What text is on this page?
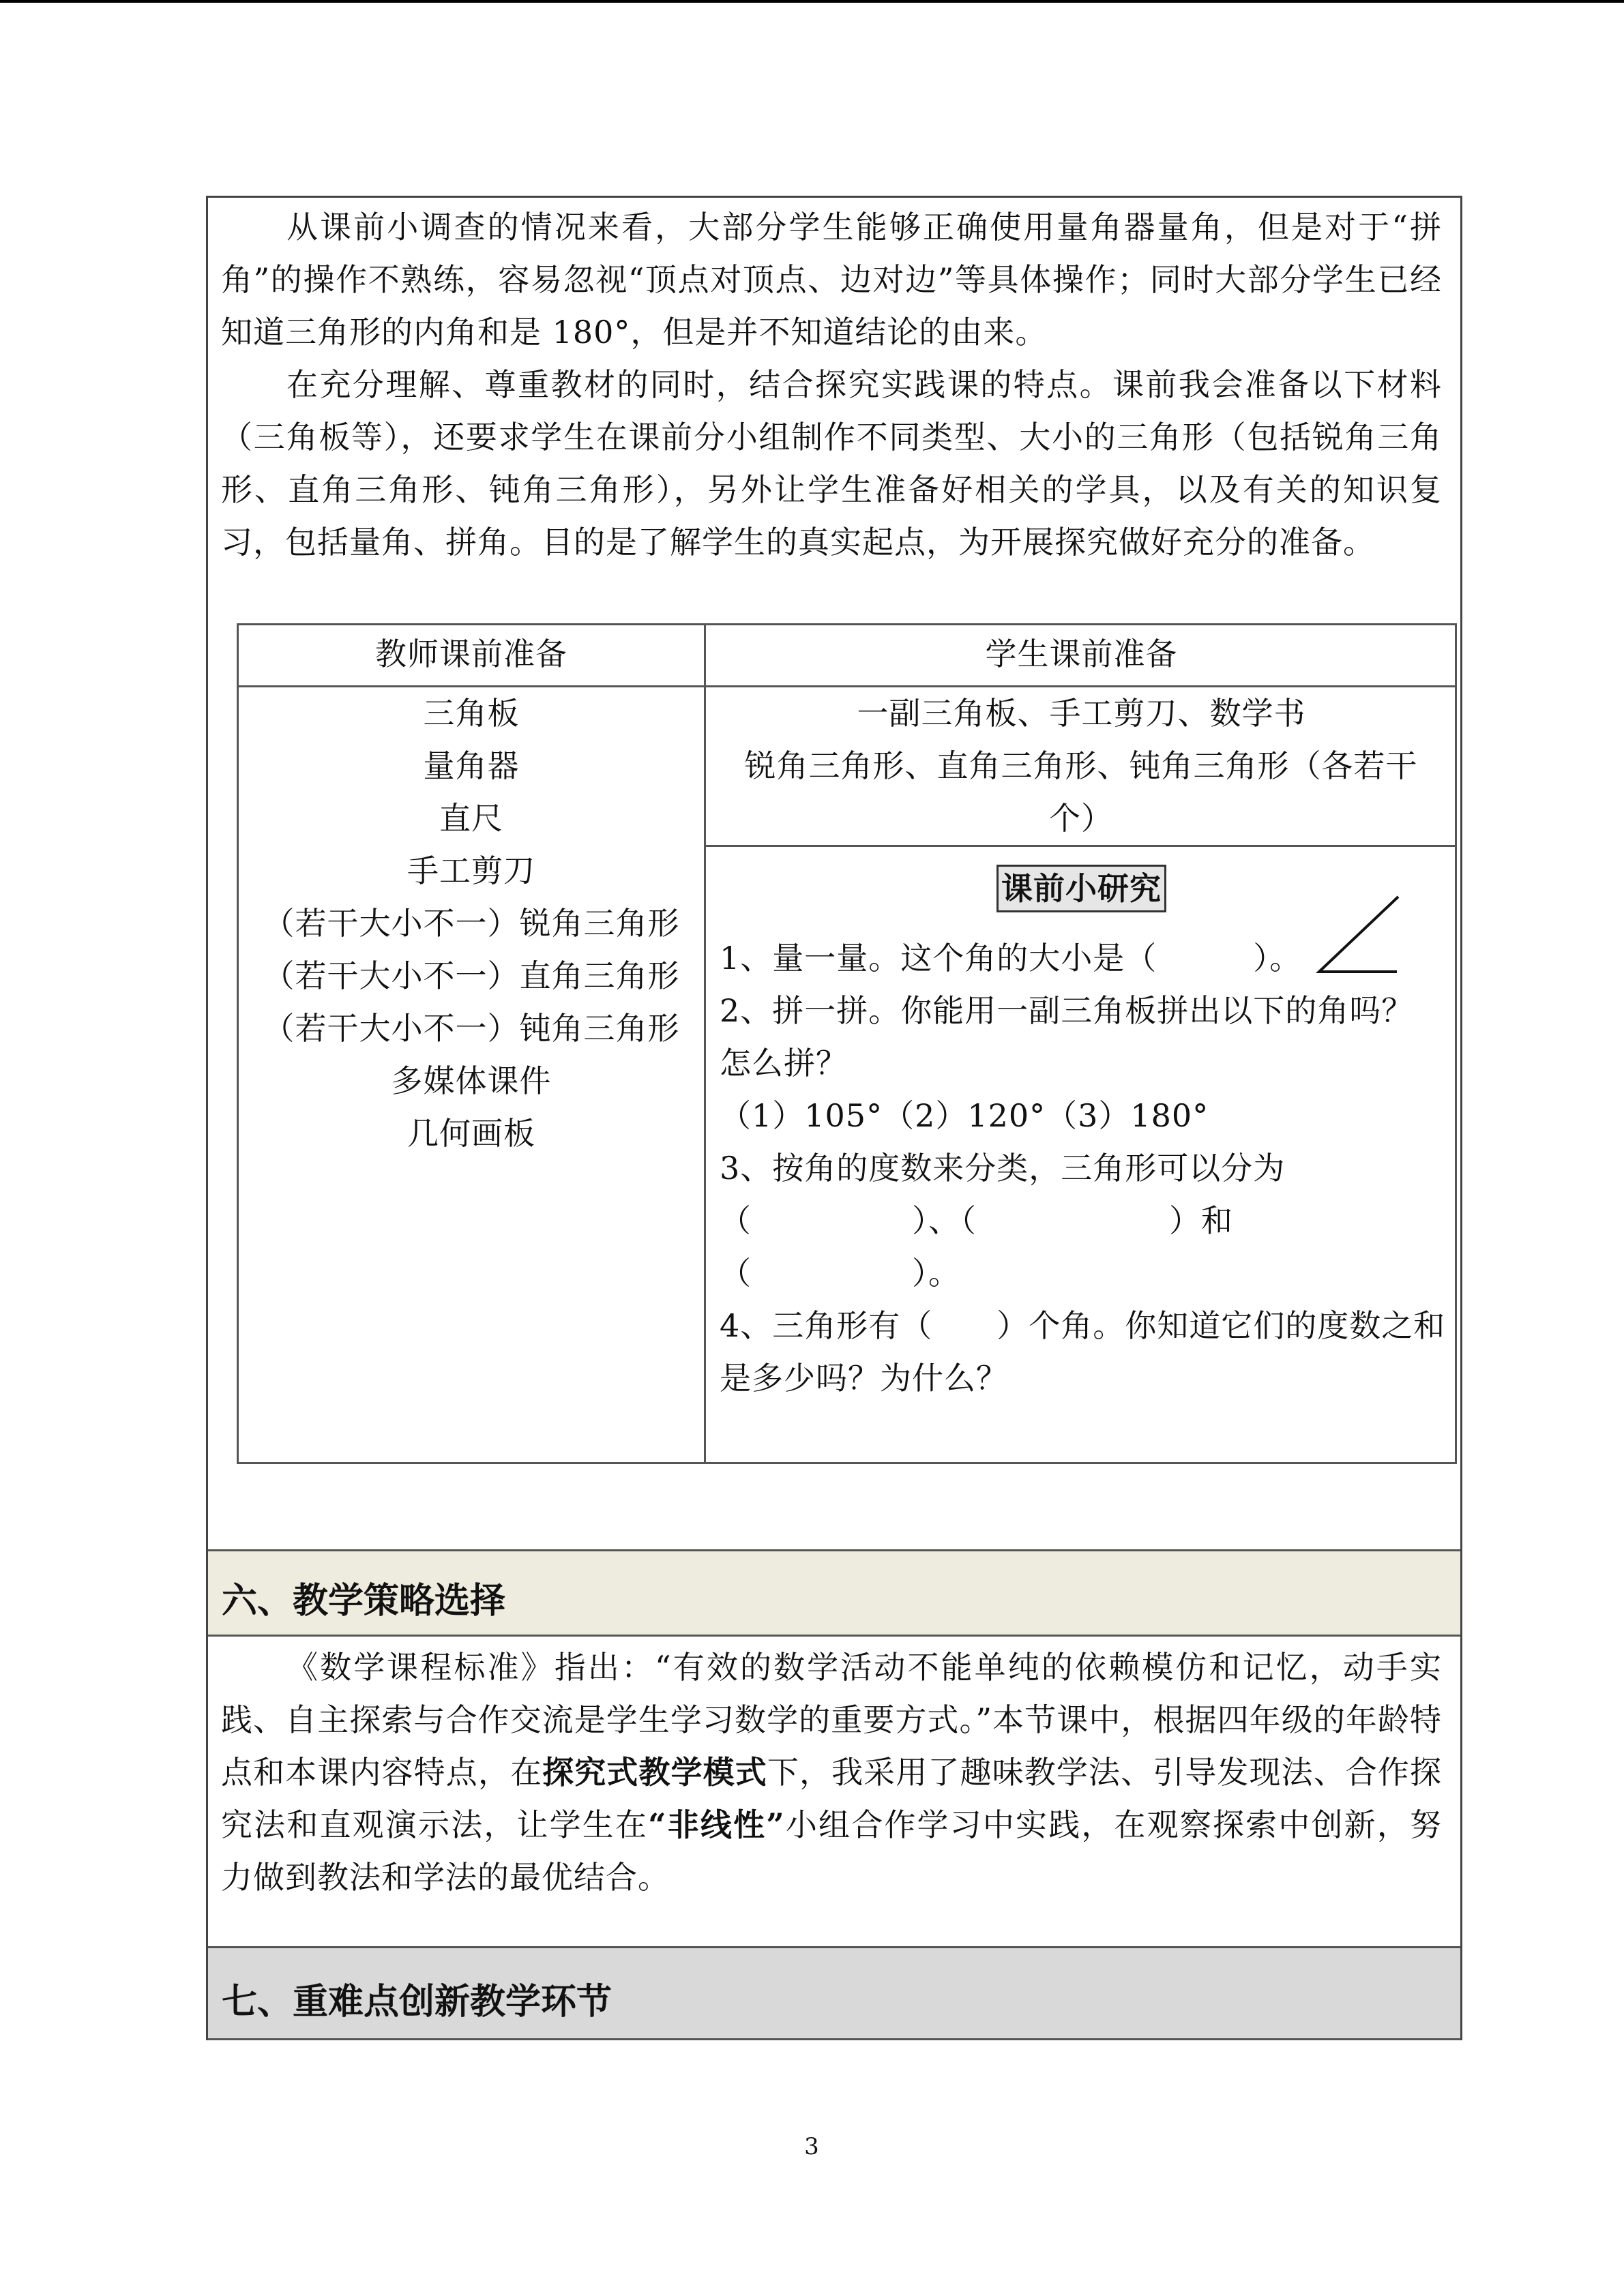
从课前小调查的情况来看，大部分学生能够正确使用量角器量角，但是对于“拼角”的操作不熟练，容易忽视“顶点对顶点、边对边”等具体操作；同时大部分学生已经知道三角形的内角和是 180°，但是并不知道结论的由来。
在充分理解、尊重教材的同时，结合探究实践课的特点。课前我会准备以下材料（三角板等），还要求学生在课前分小组制作不同类型、大小的三角形（包括锐角三角形、直角三角形、钝角三角形），另外让学生准备好相关的学具，以及有关的知识复习，包括量角、拼角。目的是了解学生的真实起点，为开展探究做好充分的准备。
教师课前准备	学生课前准备
三角板
量角器
直尺
手工剪刀
（若干大小不一）锐角三角形
（若干大小不一）直角三角形
（若干大小不一）钝角三角形
多媒体课件
几何画板
一副三角板、手工剪刀、数学书
锐角三角形、直角三角形、钝角三角形（各若干个）
课前小研究
1、量一量。这个角的大小是（　　　）。
2、拼一拼。你能用一副三角板拼出以下的角吗？
怎么拼？
（1）105°（2）120°（3）180°
3、按角的度数来分类，三角形可以分为
（　　　　　）、（　　　　　　）和
（　　　　　）。
4、三角形有（　　）个角。你知道它们的度数之和
是多少吗？为什么？
六、教学策略选择
《数学课程标准》指出：“有效的数学活动不能单纯的依赖模仿和记忆，动手实践、自主探索与合作交流是学生学习数学的重要方式。”本节课中，根据四年级的年龄特点和本课内容特点，在探究式教学模式下，我采用了趣味教学法、引导发现法、合作探究法和直观演示法，让学生在“非线性”小组合作学习中实践，在观察探索中创新，努力做到教法和学法的最优结合。
七、重难点创新教学环节
3
